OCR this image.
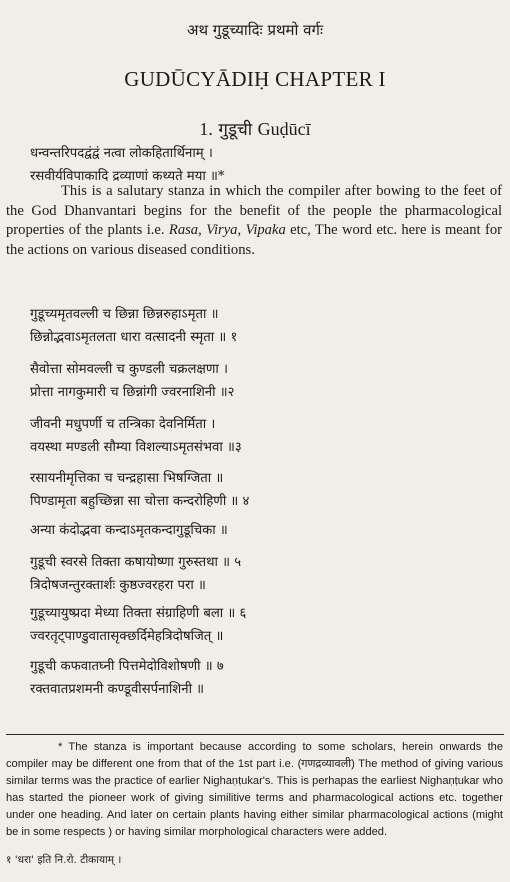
अथ गुडूच्यादिः प्रथमो वर्गः
GUDŪCYĀDIḤ CHAPTER I
1. गुडूची Guḍūcī
धन्वन्तरिपदद्वंद्वं नत्वा लोकहितार्थिनाम् ।
रसवीर्यविपाकादि द्रव्याणां कथ्यते मया ॥*
This is a salutary stanza in which the compiler after bowing to the feet of the God Dhanvantari begins for the benefit of the people the pharmacological properties of the plants i.e. Rasa, Virya, Vipaka etc, The word etc. here is meant for the actions on various diseased conditions.
गुडूच्यमृतवल्ली च छिन्ना छिन्नरुहाऽमृता ॥
छिन्नोद्भवाऽमृतलता धारा वत्सादनी स्मृता ॥ १
सैवोत्ता सोमवल्ली च कुण्डली चक्रलक्षणा ।
प्रोत्ता नागकुमारी च छिन्नांगी ज्वरनाशिनी ॥२
जीवनी मधुपर्णी च तन्त्रिका देवनिर्मिता ।
वयस्था मण्डली सौम्या विशल्याऽमृतसंभवा ॥३
रसायनीमृत्तिका च चन्द्रहासा भिषग्जिता ॥
पिण्डामृता बहुच्छिन्ना सा चोत्ता कन्दरोहिणी ॥ ४
अन्या कंदोद्भवा कन्दाऽमृतकन्दागुडूचिका ॥
गुडूची स्वरसे तिक्ता कषायोष्णा गुरुस्तथा ॥ ५
त्रिदोषजन्तुरक्तार्शः कुष्ठज्वरहरा परा ॥
गुडूच्यायुष्प्रदा मेध्या तिक्ता संग्राहिणी बला ॥ ६
ज्वरतृट्पाण्डुवातासृक्छर्दिमेहत्रिदोषजित् ॥
गुडूची कफवातघ्नी पित्तमेदोविशोषणी ॥ ७
रक्तवातप्रशमनी कण्डूवीसर्पनाशिनी ॥
* The stanza is important because according to some scholars, herein onwards the compiler may be different one from that of the 1st part i.e. (गणद्रव्यावली) The method of giving various similar terms was the practice of earlier Nighaṇṭukar's. This is perhapas the earliest Nighaṇṭukar who has started the pioneer work of giving similitive terms and pharmacological actions etc. together under one heading. And later on certain plants having either similar pharmacological actions (might be in some respects ) or having similar morphological characters were added.
१ 'धरा' इति नि.रो. टीकायाम् ।
